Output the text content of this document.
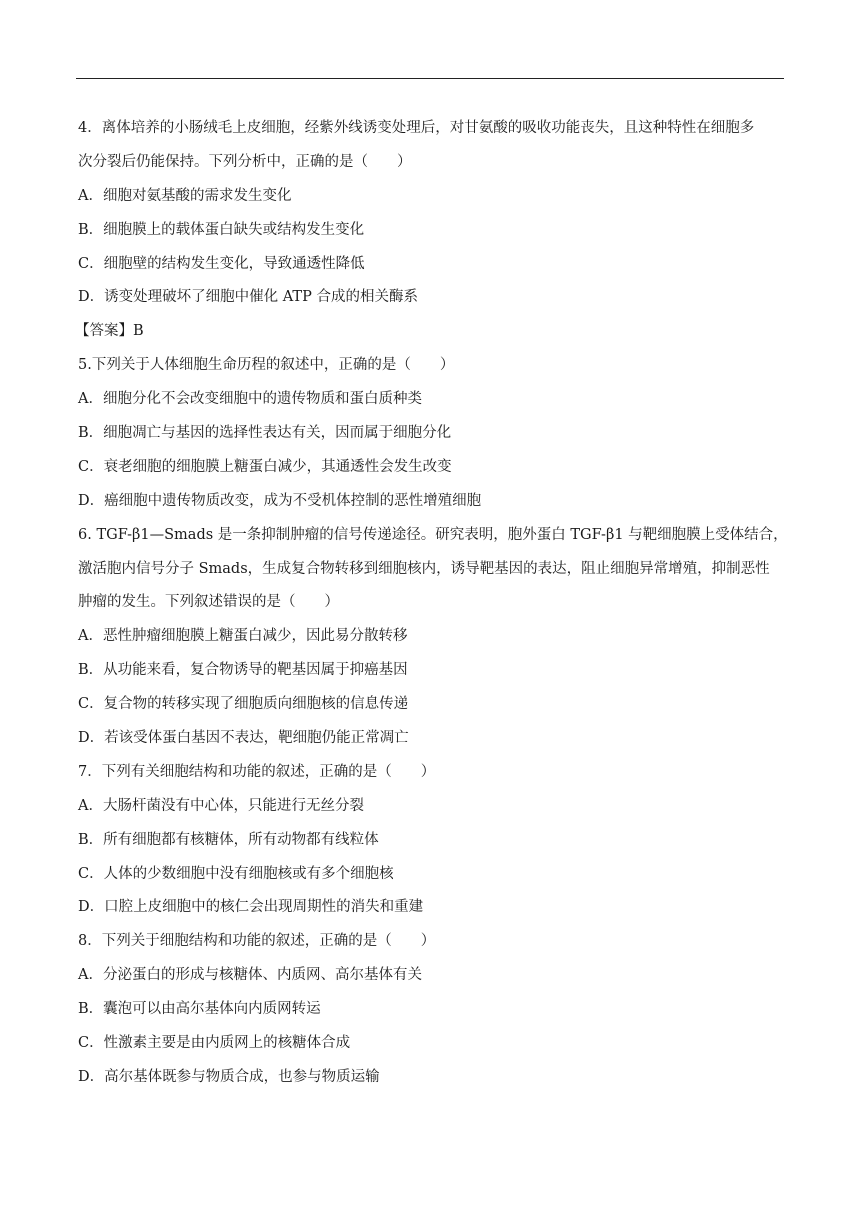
4．离体培养的小肠绒毛上皮细胞，经紫外线诱变处理后，对甘氨酸的吸收功能丧失，且这种特性在细胞多
次分裂后仍能保持。下列分析中，正确的是（　　）
A．细胞对氨基酸的需求发生变化
B．细胞膜上的载体蛋白缺失或结构发生变化
C．细胞壁的结构发生变化，导致通透性降低
D．诱变处理破坏了细胞中催化 ATP 合成的相关酶系
【答案】B
5.下列关于人体细胞生命历程的叙述中，正确的是（　　）
A．细胞分化不会改变细胞中的遗传物质和蛋白质种类
B．细胞凋亡与基因的选择性表达有关，因而属于细胞分化
C．衰老细胞的细胞膜上糖蛋白减少，其通透性会发生改变
D．癌细胞中遗传物质改变，成为不受机体控制的恶性增殖细胞
6. TGF-β1—Smads 是一条抑制肿瘤的信号传递途径。研究表明，胞外蛋白 TGF-β1 与靶细胞膜上受体结合，
激活胞内信号分子 Smads，生成复合物转移到细胞核内，诱导靶基因的表达，阻止细胞异常增殖，抑制恶性
肿瘤的发生。下列叙述错误的是（　　）
A．恶性肿瘤细胞膜上糖蛋白减少，因此易分散转移
B．从功能来看，复合物诱导的靶基因属于抑癌基因
C．复合物的转移实现了细胞质向细胞核的信息传递
D．若该受体蛋白基因不表达，靶细胞仍能正常凋亡
7．下列有关细胞结构和功能的叙述，正确的是（　　）
A．大肠杆菌没有中心体，只能进行无丝分裂
B．所有细胞都有核糖体，所有动物都有线粒体
C．人体的少数细胞中没有细胞核或有多个细胞核
D．口腔上皮细胞中的核仁会出现周期性的消失和重建
8．下列关于细胞结构和功能的叙述，正确的是（　　）
A．分泌蛋白的形成与核糖体、内质网、高尔基体有关
B．囊泡可以由高尔基体向内质网转运
C．性激素主要是由内质网上的核糖体合成
D．高尔基体既参与物质合成，也参与物质运输
